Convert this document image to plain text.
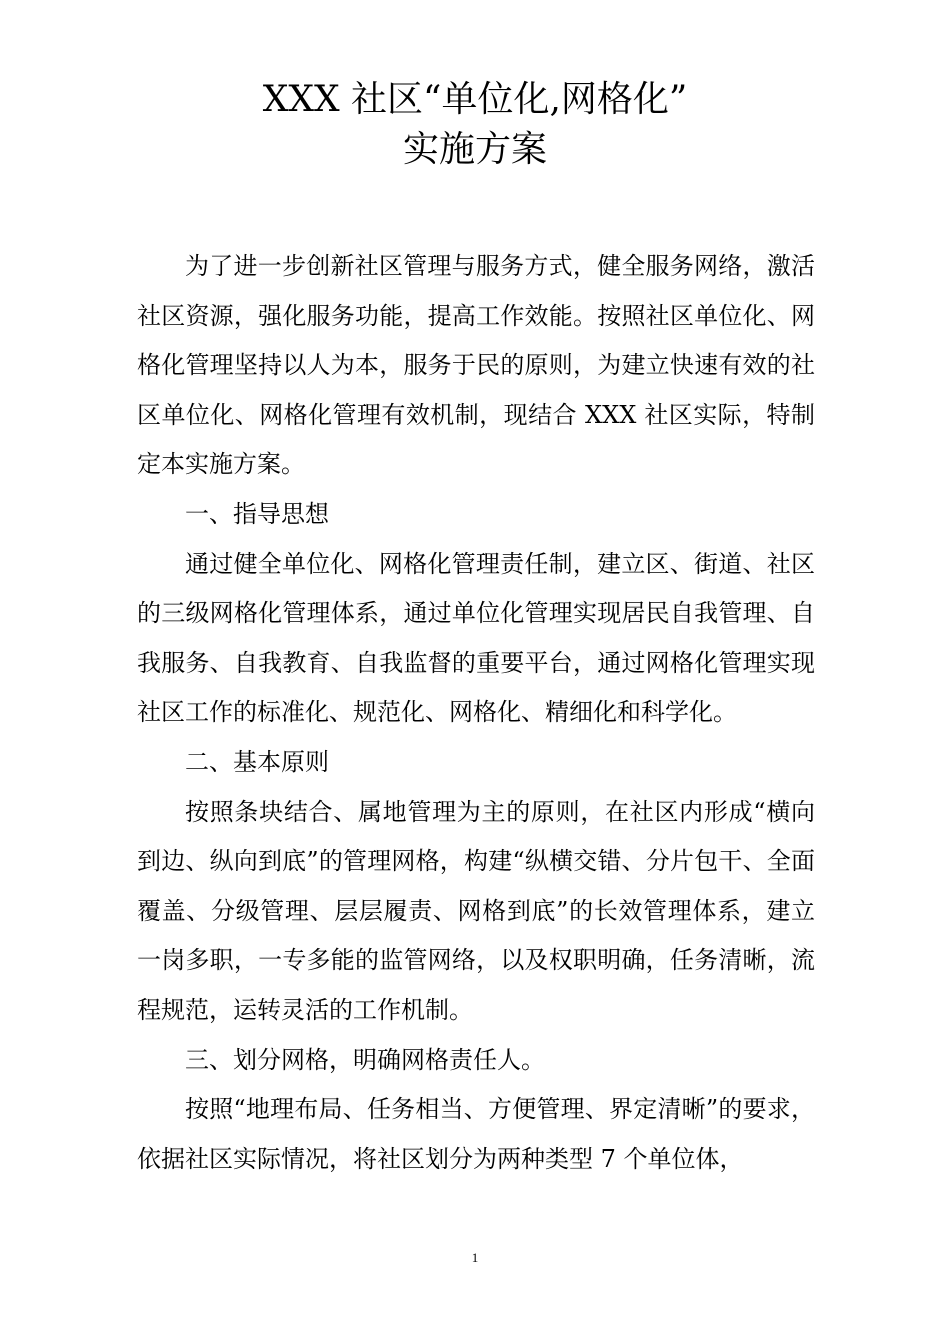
XXX 社区“单位化,网格化”
实施方案

为了进一步创新社区管理与服务方式，健全服务网络，激活社区资源，强化服务功能，提高工作效能。按照社区单位化、网格化管理坚持以人为本，服务于民的原则，为建立快速有效的社区单位化、网格化管理有效机制，现结合 XXX 社区实际，特制定本实施方案。

一、指导思想

通过健全单位化、网格化管理责任制，建立区、街道、社区的三级网格化管理体系，通过单位化管理实现居民自我管理、自我服务、自我教育、自我监督的重要平台，通过网格化管理实现社区工作的标准化、规范化、网格化、精细化和科学化。

二、基本原则

按照条块结合、属地管理为主的原则，在社区内形成“横向到边、纵向到底”的管理网格，构建“纵横交错、分片包干、全面覆盖、分级管理、层层履责、网格到底”的长效管理体系，建立一岗多职，一专多能的监管网络，以及权职明确，任务清晰，流程规范，运转灵活的工作机制。

三、划分网格，明确网格责任人。

按照“地理布局、任务相当、方便管理、界定清晰”的要求，依据社区实际情况，将社区划分为两种类型 7 个单位体，

1
